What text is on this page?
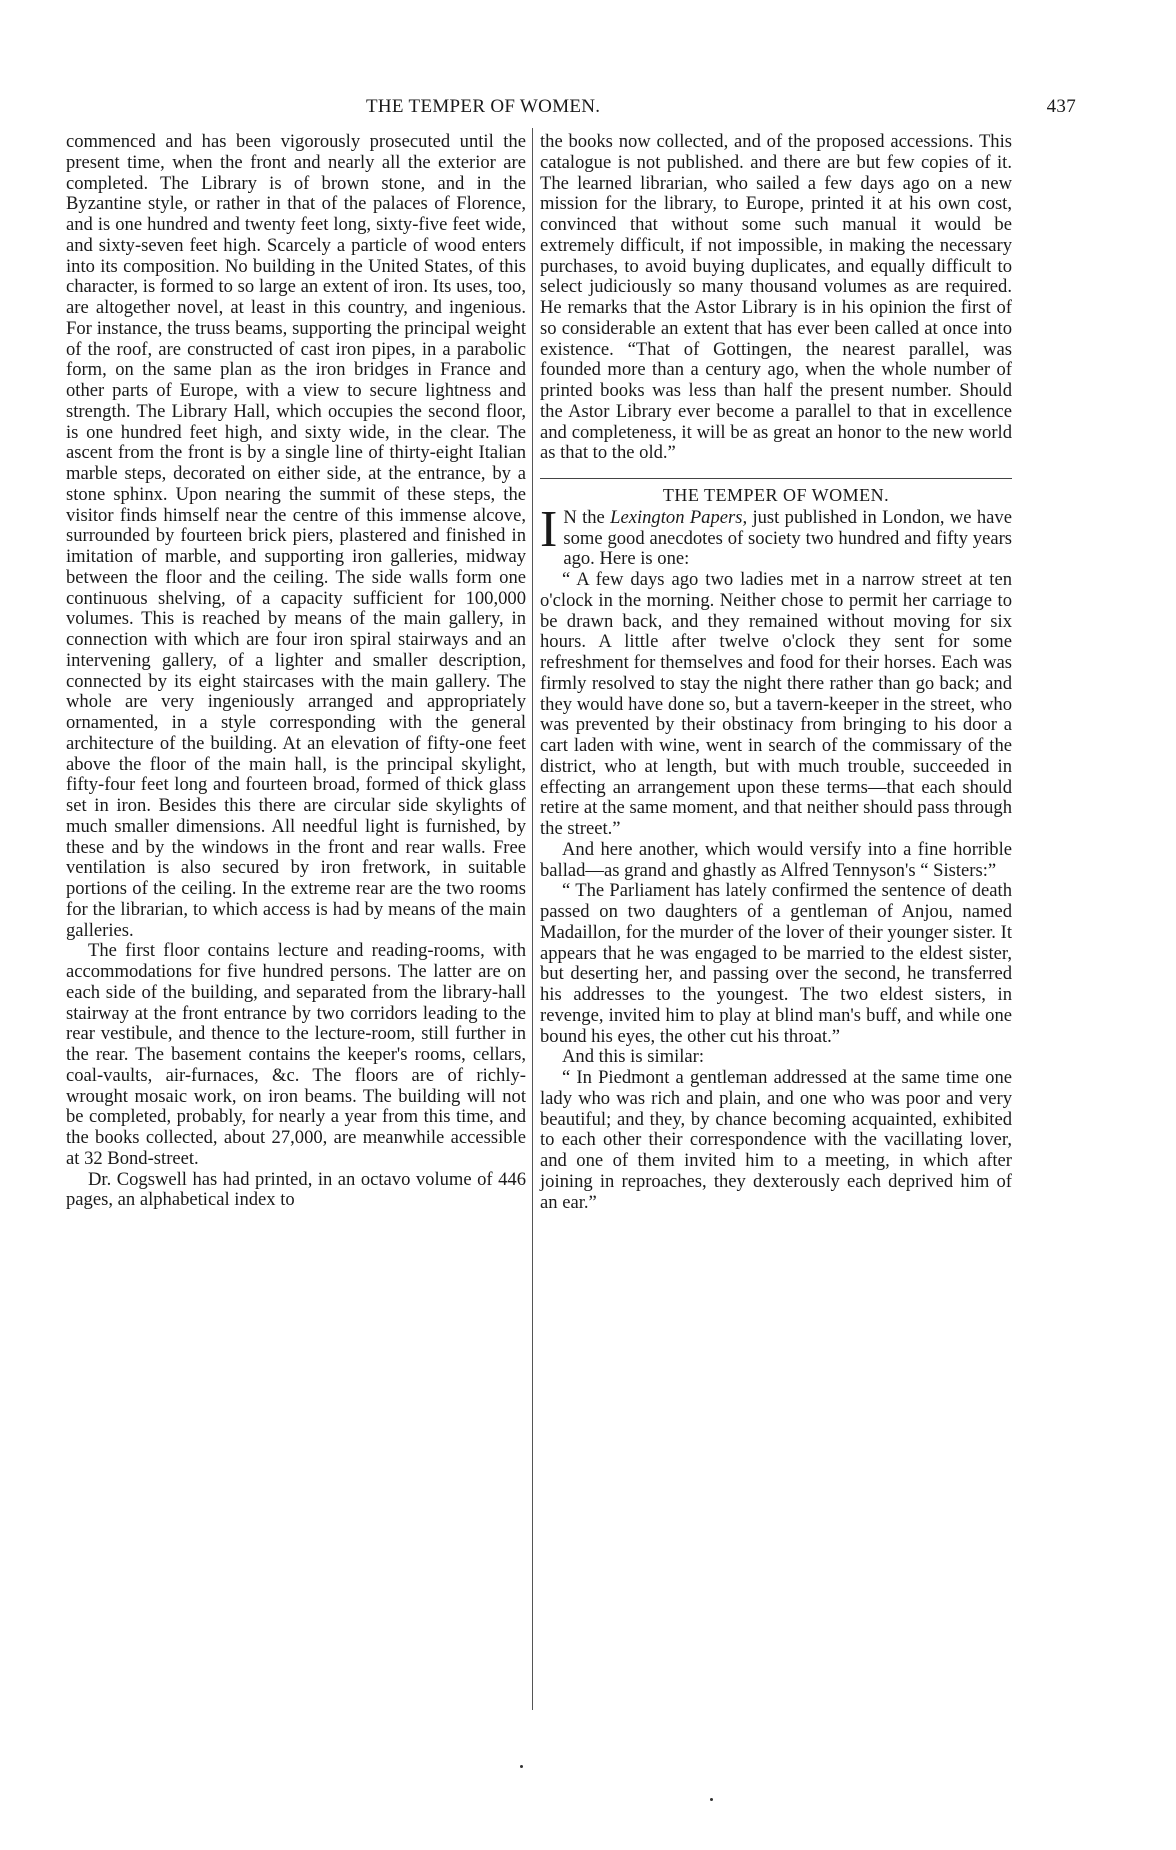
THE TEMPER OF WOMEN.	437

commenced and has been vigorously prosecuted until the present time, when the front and nearly all the exterior are completed. The Library is of brown stone, and in the Byzantine style, or rather in that of the palaces of Florence, and is one hundred and twenty feet long, sixty-five feet wide, and sixty-seven feet high. Scarcely a particle of wood enters into its composition. No building in the United States, of this character, is formed to so large an extent of iron. Its uses, too, are altogether novel, at least in this country, and ingenious. For instance, the truss beams, supporting the principal weight of the roof, are constructed of cast iron pipes, in a parabolic form, on the same plan as the iron bridges in France and other parts of Europe, with a view to secure lightness and strength. The Library Hall, which occupies the second floor, is one hundred feet high, and sixty wide, in the clear. The ascent from the front is by a single line of thirty-eight Italian marble steps, decorated on either side, at the entrance, by a stone sphinx. Upon nearing the summit of these steps, the visitor finds himself near the centre of this immense alcove, surrounded by fourteen brick piers, plastered and finished in imitation of marble, and supporting iron galleries, midway between the floor and the ceiling. The side walls form one continuous shelving, of a capacity sufficient for 100,000 volumes. This is reached by means of the main gallery, in connection with which are four iron spiral stairways and an intervening gallery, of a lighter and smaller description, connected by its eight staircases with the main gallery. The whole are very ingeniously arranged and appropriately ornamented, in a style corresponding with the general architecture of the building. At an elevation of fifty-one feet above the floor of the main hall, is the principal skylight, fifty-four feet long and fourteen broad, formed of thick glass set in iron. Besides this there are circular side skylights of much smaller dimensions. All needful light is furnished, by these and by the windows in the front and rear walls. Free ventilation is also secured by iron fretwork, in suitable portions of the ceiling. In the extreme rear are the two rooms for the librarian, to which access is had by means of the main galleries.

The first floor contains lecture and reading-rooms, with accommodations for five hundred persons. The latter are on each side of the building, and separated from the library-hall stairway at the front entrance by two corridors leading to the rear vestibule, and thence to the lecture-room, still further in the rear. The basement contains the keeper's rooms, cellars, coal-vaults, air-furnaces, &c. The floors are of richly-wrought mosaic work, on iron beams. The building will not be completed, probably, for nearly a year from this time, and the books collected, about 27,000, are meanwhile accessible at 32 Bond-street.

Dr. Cogswell has had printed, in an octavo volume of 446 pages, an alphabetical index to

the books now collected, and of the proposed accessions. This catalogue is not published. and there are but few copies of it. The learned librarian, who sailed a few days ago on a new mission for the library, to Europe, printed it at his own cost, convinced that without some such manual it would be extremely difficult, if not impossible, in making the necessary purchases, to avoid buying duplicates, and equally difficult to select judiciously so many thousand volumes as are required. He remarks that the Astor Library is in his opinion the first of so considerable an extent that has ever been called at once into existence. “That of Gottingen, the nearest parallel, was founded more than a century ago, when the whole number of printed books was less than half the present number. Should the Astor Library ever become a parallel to that in excellence and completeness, it will be as great an honor to the new world as that to the old.”

THE TEMPER OF WOMEN.

I N the Lexington Papers, just published in London, we have some good anecdotes of society two hundred and fifty years ago. Here is one:

“ A few days ago two ladies met in a narrow street at ten o'clock in the morning. Neither chose to permit her carriage to be drawn back, and they remained without moving for six hours. A little after twelve o'clock they sent for some refreshment for themselves and food for their horses. Each was firmly resolved to stay the night there rather than go back; and they would have done so, but a tavern-keeper in the street, who was prevented by their obstinacy from bringing to his door a cart laden with wine, went in search of the commissary of the district, who at length, but with much trouble, succeeded in effecting an arrangement upon these terms—that each should retire at the same moment, and that neither should pass through the street.”

And here another, which would versify into a fine horrible ballad—as grand and ghastly as Alfred Tennyson's “ Sisters:”

“ The Parliament has lately confirmed the sentence of death passed on two daughters of a gentleman of Anjou, named Madaillon, for the murder of the lover of their younger sister. It appears that he was engaged to be married to the eldest sister, but deserting her, and passing over the second, he transferred his addresses to the youngest. The two eldest sisters, in revenge, invited him to play at blind man's buff, and while one bound his eyes, the other cut his throat.”

And this is similar:

“ In Piedmont a gentleman addressed at the same time one lady who was rich and plain, and one who was poor and very beautiful; and they, by chance becoming acquainted, exhibited to each other their correspondence with the vacillating lover, and one of them invited him to a meeting, in which after joining in reproaches, they dexterously each deprived him of an ear.”
